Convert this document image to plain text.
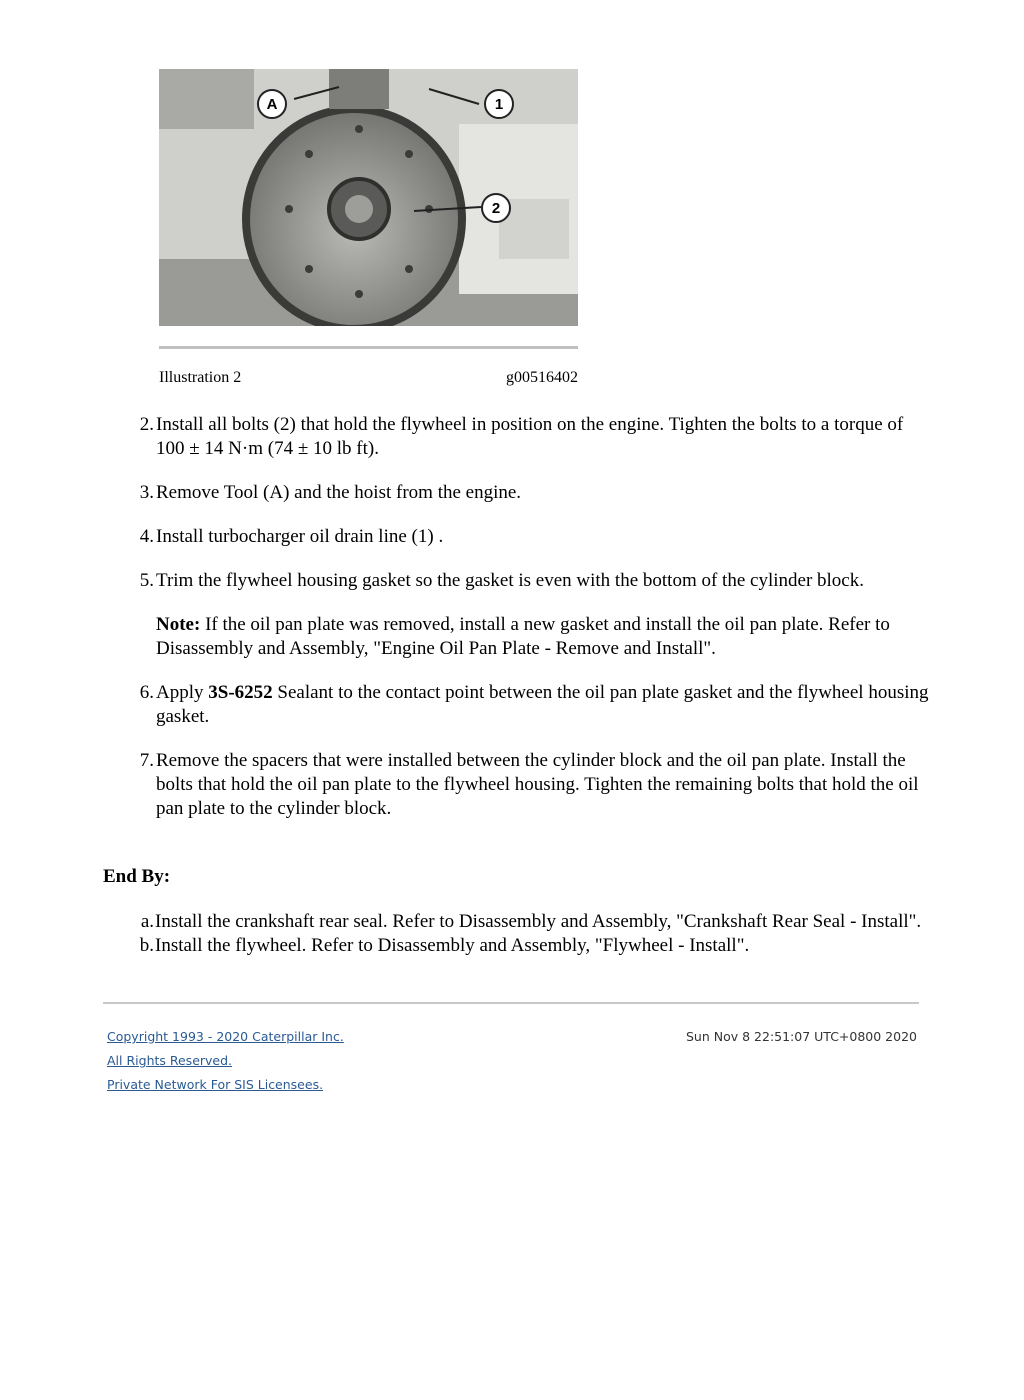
A	1
2
Illustration 2	g00516402
2. Install all bolts (2) that hold the flywheel in position on the engine. Tighten the bolts to a torque of 100 ± 14 N·m (74 ± 10 lb ft).
3. Remove Tool (A) and the hoist from the engine.
4. Install turbocharger oil drain line (1) .
5. Trim the flywheel housing gasket so the gasket is even with the bottom of the cylinder block.
Note: If the oil pan plate was removed, install a new gasket and install the oil pan plate. Refer to Disassembly and Assembly, "Engine Oil Pan Plate - Remove and Install".
6. Apply 3S-6252 Sealant to the contact point between the oil pan plate gasket and the flywheel housing gasket.
7. Remove the spacers that were installed between the cylinder block and the oil pan plate. Install the bolts that hold the oil pan plate to the flywheel housing. Tighten the remaining bolts that hold the oil pan plate to the cylinder block.
End By:
a. Install the crankshaft rear seal. Refer to Disassembly and Assembly, "Crankshaft Rear Seal - Install".
b. Install the flywheel. Refer to Disassembly and Assembly, "Flywheel - Install".
Copyright 1993 - 2020 Caterpillar Inc.
All Rights Reserved.
Private Network For SIS Licensees.
Sun Nov 8 22:51:07 UTC+0800 2020
